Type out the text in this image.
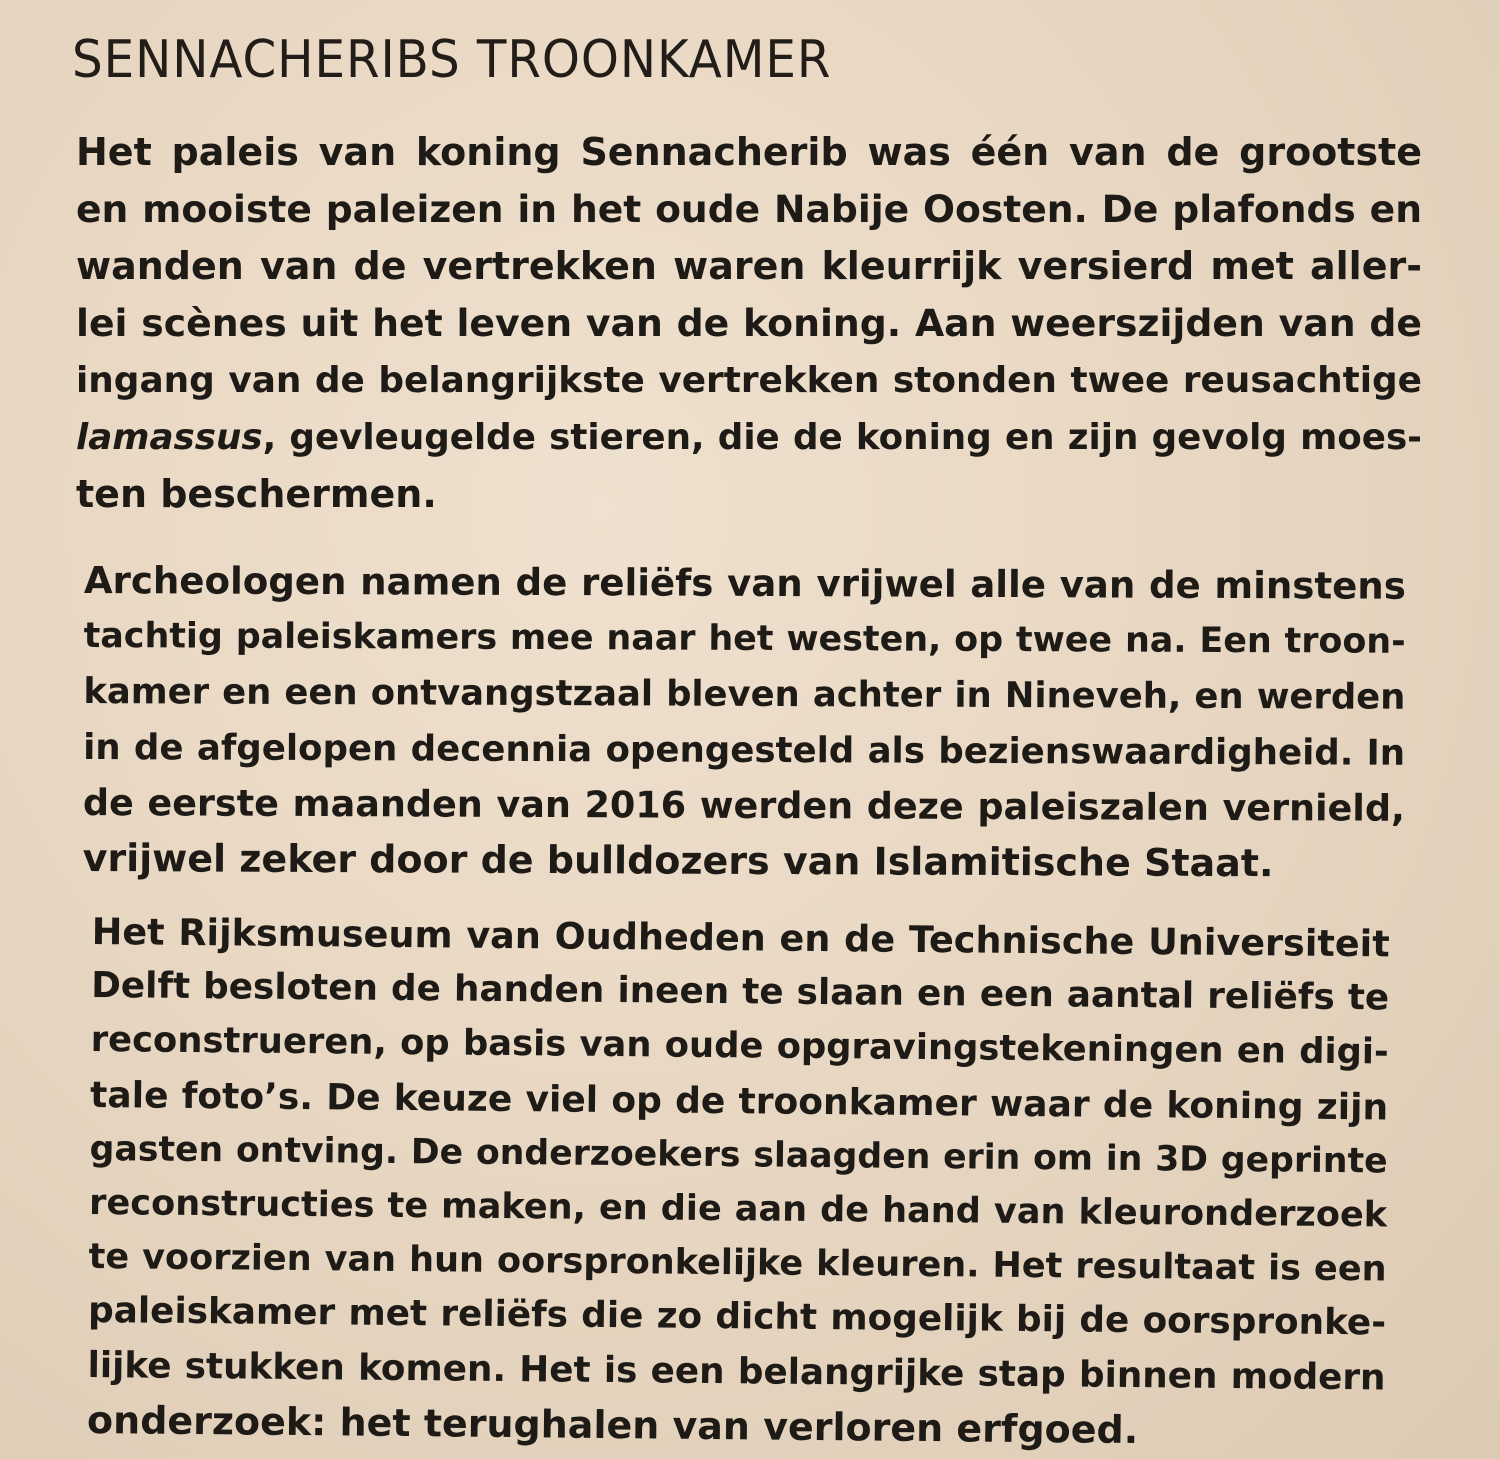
SENNACHERIBS TROONKAMER
Het paleis van koning Sennacherib was één van de grootste
en mooiste paleizen in het oude Nabije Oosten. De plafonds en
wanden van de vertrekken waren kleurrijk versierd met aller-
lei scènes uit het leven van de koning. Aan weerszijden van de
ingang van de belangrijkste vertrekken stonden twee reusachtige
lamassus, gevleugelde stieren, die de koning en zijn gevolg moes-
ten beschermen.
Archeologen namen de reliëfs van vrijwel alle van de minstens
tachtig paleiskamers mee naar het westen, op twee na. Een troon-
kamer en een ontvangstzaal bleven achter in Nineveh, en werden
in de afgelopen decennia opengesteld als bezienswaardigheid. In
de eerste maanden van 2016 werden deze paleiszalen vernield,
vrijwel zeker door de bulldozers van Islamitische Staat.
Het Rijksmuseum van Oudheden en de Technische Universiteit
Delft besloten de handen ineen te slaan en een aantal reliëfs te
reconstrueren, op basis van oude opgravingstekeningen en digi-
tale foto’s. De keuze viel op de troonkamer waar de koning zijn
gasten ontving. De onderzoekers slaagden erin om in 3D geprinte
reconstructies te maken, en die aan de hand van kleuronderzoek
te voorzien van hun oorspronkelijke kleuren. Het resultaat is een
paleiskamer met reliëfs die zo dicht mogelijk bij de oorspronke-
lijke stukken komen. Het is een belangrijke stap binnen modern
onderzoek: het terughalen van verloren erfgoed.
